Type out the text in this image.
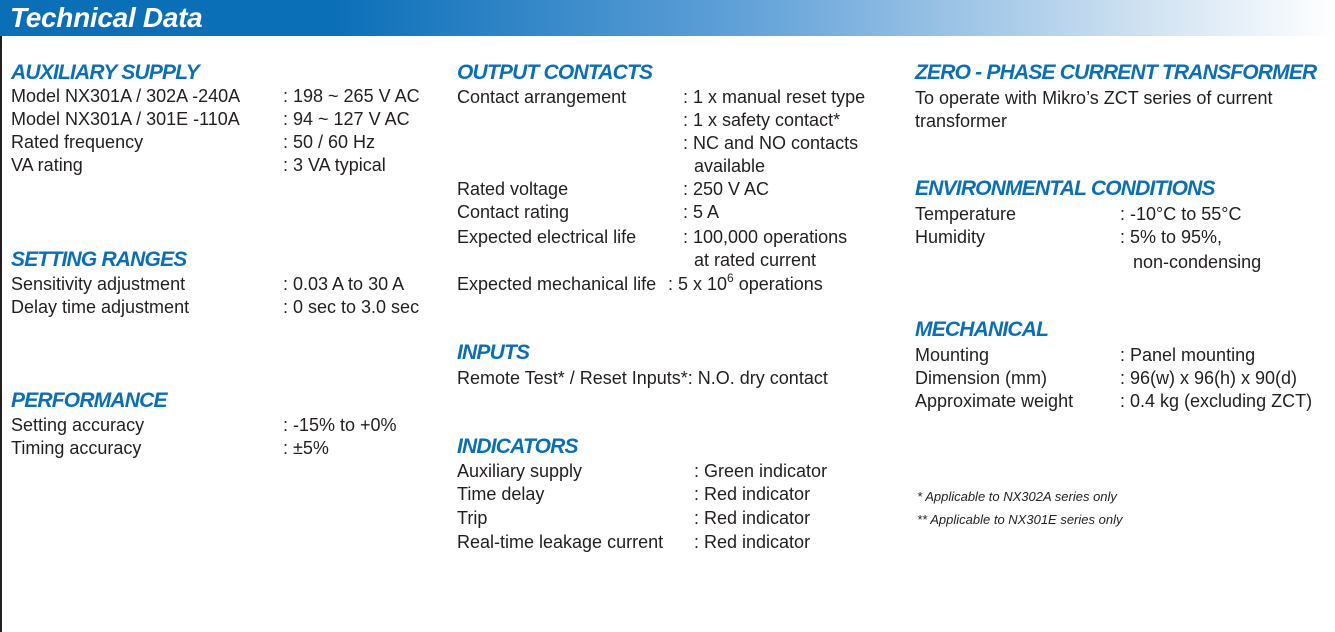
Technical Data
AUXILIARY SUPPLY
Model NX301A / 302A -240A : 198 ~ 265 V AC
Model NX301A / 301E -110A : 94 ~ 127 V AC
Rated frequency	: 50 / 60 Hz
VA rating	: 3 VA typical
SETTING RANGES
Sensitivity adjustment	: 0.03 A to 30 A
Delay time adjustment	: 0 sec to 3.0 sec
PERFORMANCE
Setting accuracy	: -15% to +0%
Timing accuracy	: ±5%
OUTPUT CONTACTS
Contact arrangement	: 1 x manual reset type
: 1 x safety contact*
: NC and NO contacts
available
Rated voltage	: 250 V AC
Contact rating	: 5 A
Expected electrical life	: 100,000 operations
at rated current
Expected mechanical life : 5 x $10^6$ operations
INPUTS
Remote Test* / Reset Inputs*: N.O. dry contact
INDICATORS
Auxiliary supply	: Green indicator
Time delay	: Red indicator
Trip	: Red indicator
Real-time leakage current : Red indicator
ZERO - PHASE CURRENT TRANSFORMER
To operate with Mikro’s ZCT series of current
transformer
ENVIRONMENTAL CONDITIONS
Temperature	: -10°C to 55°C
Humidity	: 5% to 95%,
non-condensing
MECHANICAL
Mounting	: Panel mounting
Dimension (mm)	: 96(w) x 96(h) x 90(d)
Approximate weight	: 0.4 kg (excluding ZCT)
* Applicable to NX302A series only
** Applicable to NX301E series only
